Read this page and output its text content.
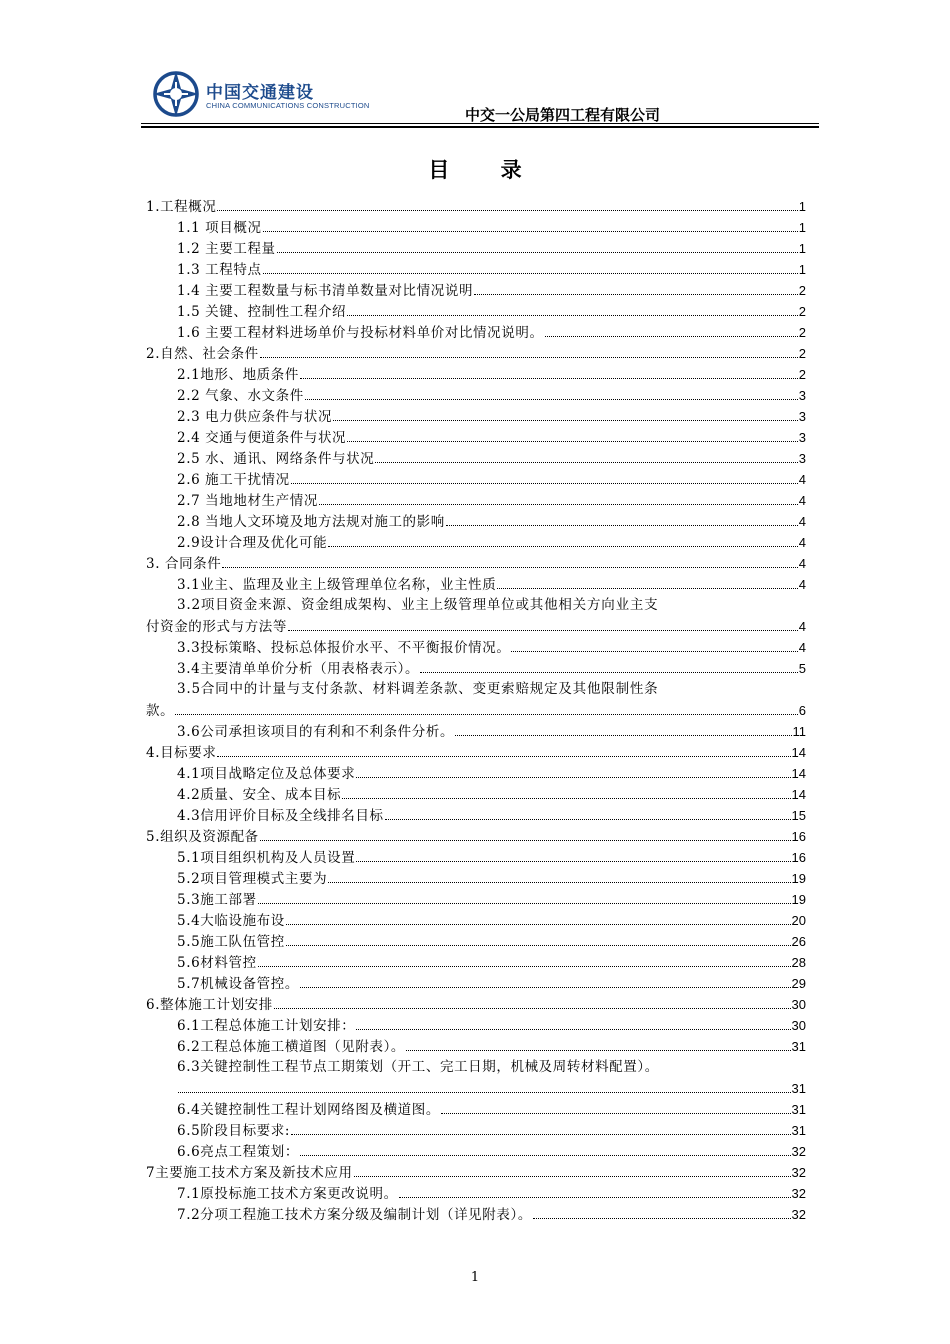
中国交通建设
CHINA COMMUNICATIONS CONSTRUCTION
中交一公局第四工程有限公司
目 录
1.工程概况	1
1.1 项目概况	1
1.2 主要工程量	1
1.3 工程特点	1
1.4 主要工程数量与标书清单数量对比情况说明	2
1.5 关键、控制性工程介绍	2
1.6 主要工程材料进场单价与投标材料单价对比情况说明。	2
2.自然、社会条件	2
2.1地形、地质条件	2
2.2 气象、水文条件	3
2.3 电力供应条件与状况	3
2.4 交通与便道条件与状况	3
2.5 水、通讯、网络条件与状况	3
2.6 施工干扰情况	4
2.7 当地地材生产情况	4
2.8 当地人文环境及地方法规对施工的影响	4
2.9设计合理及优化可能	4
3. 合同条件	4
3.1业主、监理及业主上级管理单位名称，业主性质	4
3.2项目资金来源、资金组成架构、业主上级管理单位或其他相关方向业主支
付资金的形式与方法等	4
3.3投标策略、投标总体报价水平、不平衡报价情况。	4
3.4主要清单单价分析（用表格表示）。	5
3.5合同中的计量与支付条款、材料调差条款、变更索赔规定及其他限制性条
款。	6
3.6公司承担该项目的有利和不利条件分析。	11
4.目标要求	14
4.1项目战略定位及总体要求	14
4.2质量、安全、成本目标	14
4.3信用评价目标及全线排名目标	15
5.组织及资源配备	16
5.1项目组织机构及人员设置	16
5.2项目管理模式主要为	19
5.3施工部署	19
5.4大临设施布设	20
5.5施工队伍管控	26
5.6材料管控	28
5.7机械设备管控。	29
6.整体施工计划安排	30
6.1工程总体施工计划安排：	30
6.2工程总体施工横道图（见附表）。	31
6.3关键控制性工程节点工期策划（开工、完工日期，机械及周转材料配置）。
31
6.4关键控制性工程计划网络图及横道图。	31
6.5阶段目标要求:	31
6.6亮点工程策划：	32
7主要施工技术方案及新技术应用	32
7.1原投标施工技术方案更改说明。	32
7.2分项工程施工技术方案分级及编制计划（详见附表）。	32
1
